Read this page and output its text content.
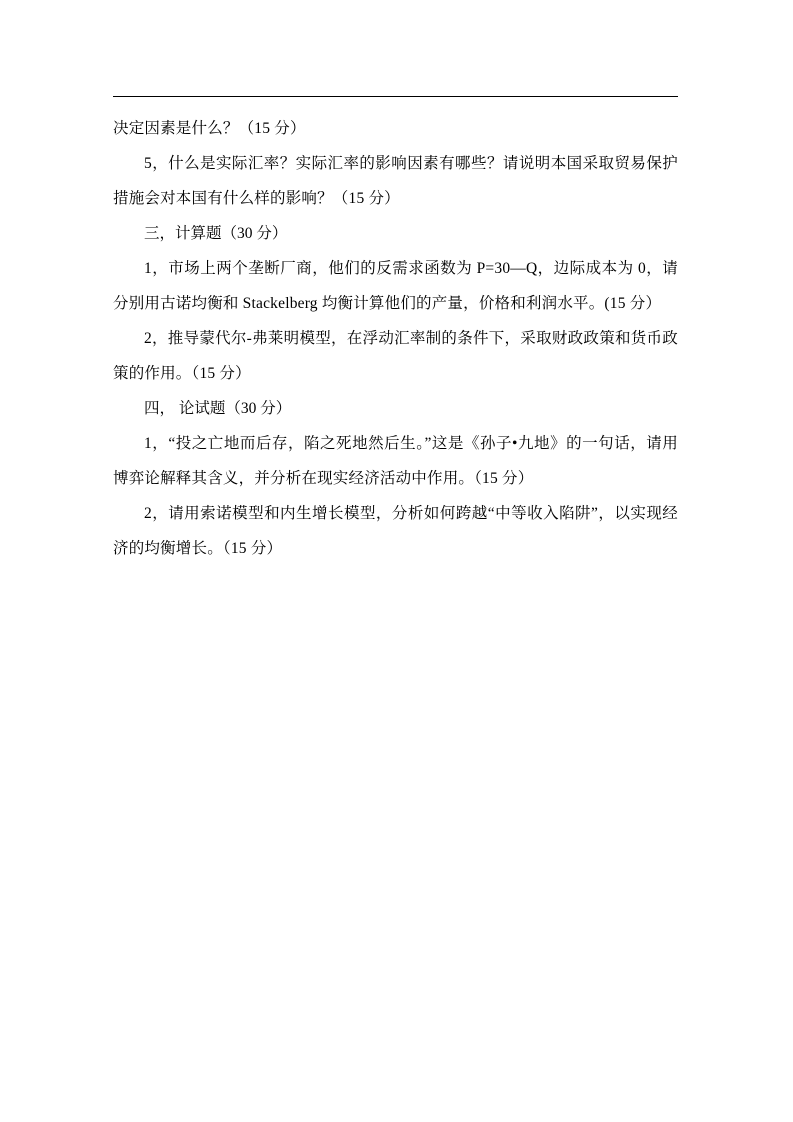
决定因素是什么？（15 分）

5，什么是实际汇率？实际汇率的影响因素有哪些？请说明本国采取贸易保护措施会对本国有什么样的影响？（15 分）

三，计算题（30 分）

1，市场上两个垄断厂商，他们的反需求函数为 P=30—Q，边际成本为 0，请分别用古诺均衡和 Stackelberg 均衡计算他们的产量，价格和利润水平。(15 分）

2，推导蒙代尔-弗莱明模型，在浮动汇率制的条件下，采取财政政策和货币政策的作用。（15 分）

四， 论试题（30 分）

1，“投之亡地而后存，陷之死地然后生。”这是《孙子•九地》的一句话，请用博弈论解释其含义，并分析在现实经济活动中作用。（15 分）

2，请用索诺模型和内生增长模型，分析如何跨越“中等收入陷阱”，以实现经济的均衡增长。（15 分）
